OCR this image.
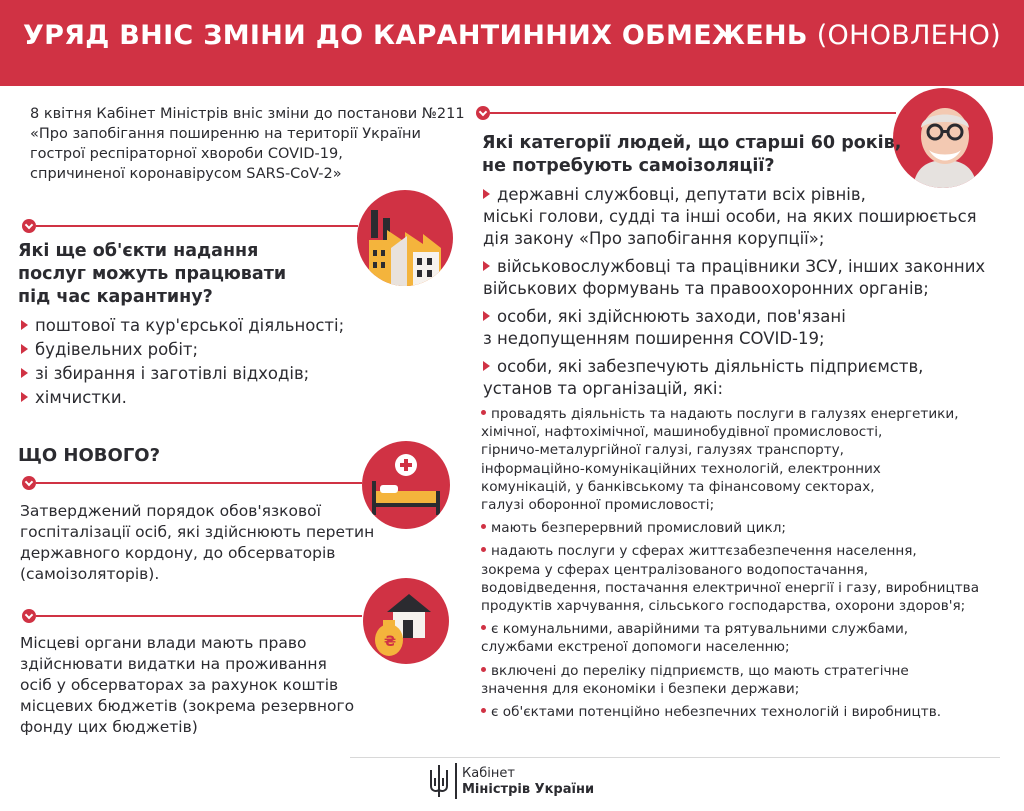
УРЯД ВНІС ЗМІНИ ДО КАРАНТИННИХ ОБМЕЖЕНЬ (ОНОВЛЕНО)
8 квітня Кабінет Міністрів вніс зміни до постанови №211
«Про запобігання поширенню на території України
гострої респіраторної хвороби COVID-19,
спричиненої коронавірусом SARS-CoV-2»
Які ще об'єкти надання
послуг можуть працювати
під час карантину?
поштової та кур'єрської діяльності;
будівельних робіт;
зі збирання і заготівлі відходів;
хімчистки.
ЩО НОВОГО?
Затверджений порядок обов'язкової
госпіталізації осіб, які здійснюють перетин
державного кордону, до обсерваторів
(самоізоляторів).
₴
Місцеві органи влади мають право
здійснювати видатки на проживання
осіб у обсерваторах за рахунок коштів
місцевих бюджетів (зокрема резервного
фонду цих бюджетів)
Які категорії людей, що старші 60 років,
не потребують самоізоляції?
державні службовці, депутати всіх рівнів,
міські голови, судді та інші особи, на яких поширюється
дія закону «Про запобігання корупції»;
військовослужбовці та працівники ЗСУ, інших законних
військових формувань та правоохоронних органів;
особи, які здійснюють заходи, пов'язані
з недопущенням поширення COVID-19;
особи, які забезпечують діяльність підприємств,
установ та організацій, які:
провадять діяльність та надають послуги в галузях енергетики,
хімічної, нафтохімічної, машинобудівної промисловості,
гірничо-металургійної галузі, галузях транспорту,
інформаційно-комунікаційних технологій, електронних
комунікацій, у банківському та фінансовому секторах,
галузі оборонної промисловості;
мають безперервний промисловий цикл;
надають послуги у сферах життєзабезпечення населення,
зокрема у сферах централізованого водопостачання,
водовідведення, постачання електричної енергії і газу, виробництва
продуктів харчування, сільського господарства, охорони здоров'я;
є комунальними, аварійними та рятувальними службами,
службами екстреної допомоги населенню;
включені до переліку підприємств, що мають стратегічне
значення для економіки і безпеки держави;
є об'єктами потенційно небезпечних технологій і виробництв.
Кабінет
Міністрів України
